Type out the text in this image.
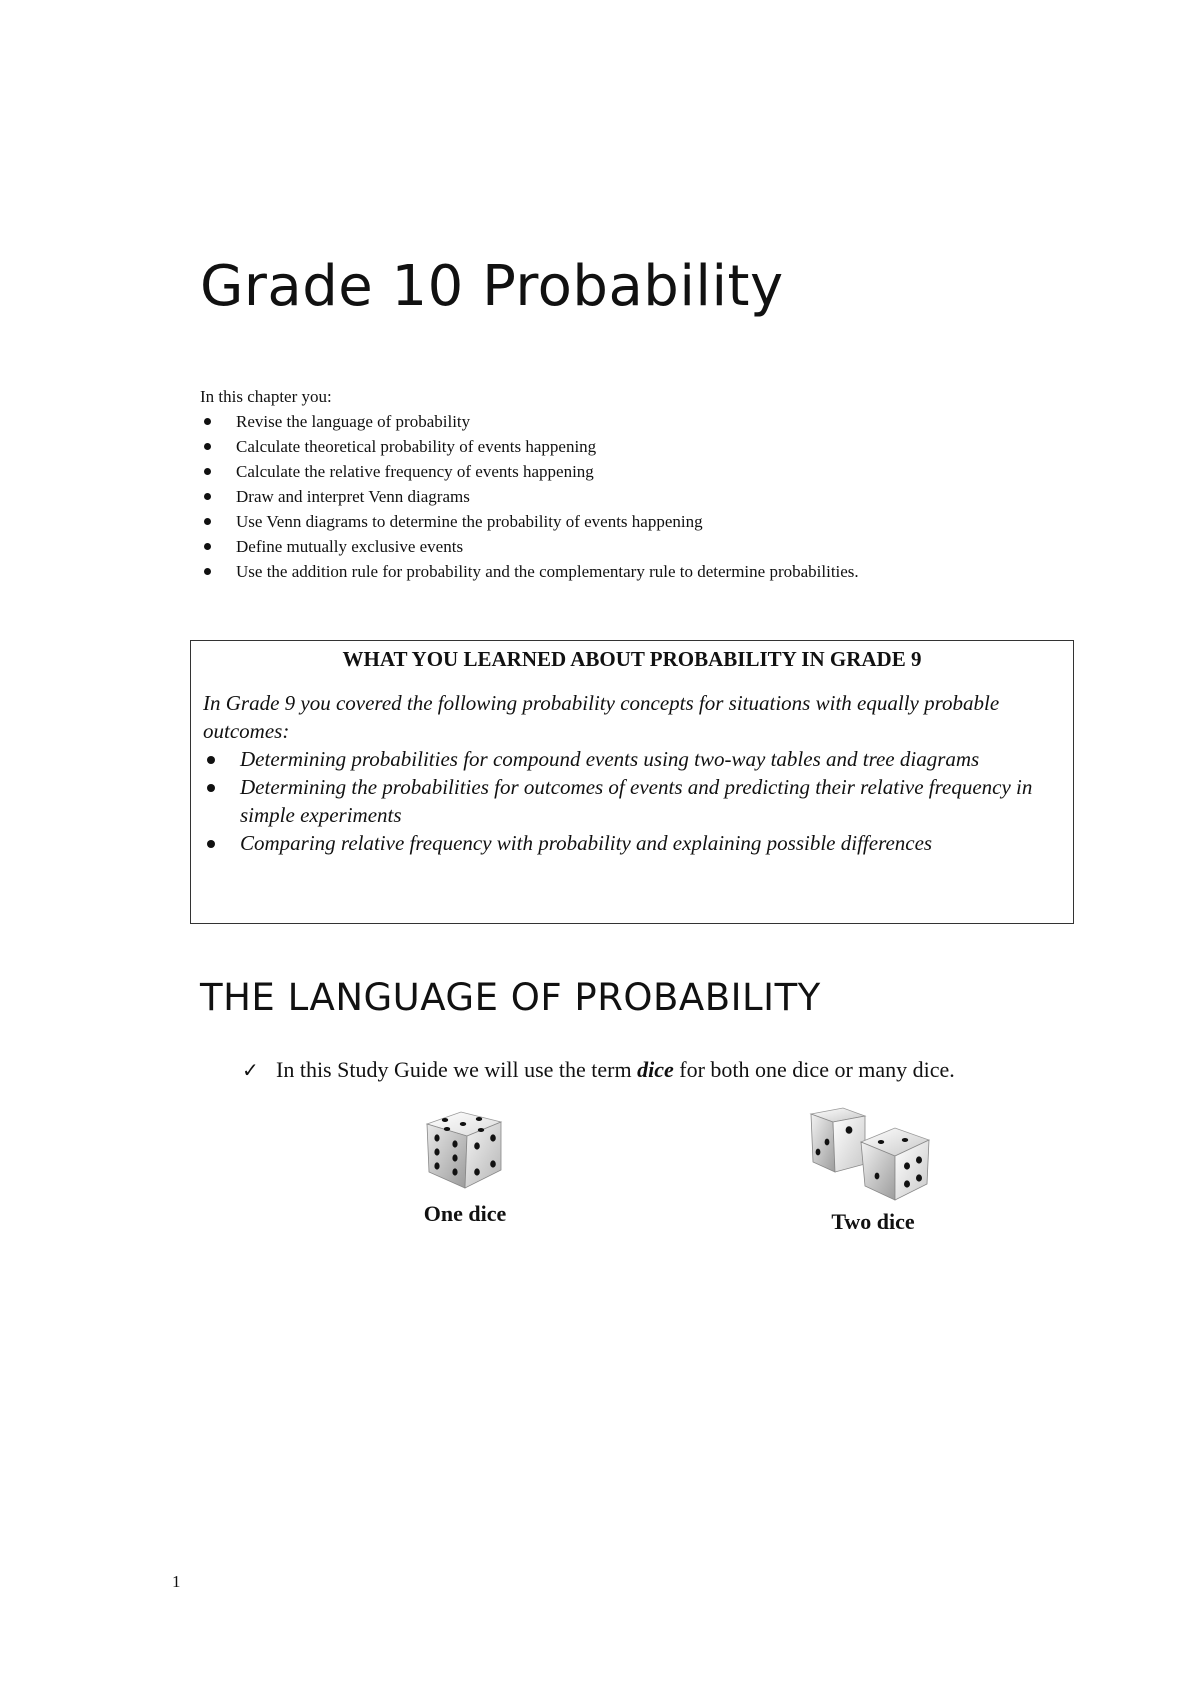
Grade 10 Probability

In this chapter you:

Revise the language of probability
Calculate theoretical probability of events happening
Calculate the relative frequency of events happening
Draw and interpret Venn diagrams
Use Venn diagrams to determine the probability of events happening
Define mutually exclusive events
Use the addition rule for probability and the complementary rule to determine probabilities.

WHAT YOU LEARNED ABOUT PROBABILITY IN GRADE 9

In Grade 9 you covered the following probability concepts for situations with equally probable outcomes:

Determining probabilities for compound events using two-way tables and tree diagrams
Determining the probabilities for outcomes of events and predicting their relative frequency in simple experiments
Comparing relative frequency with probability and explaining possible differences
THE LANGUAGE OF PROBABILITY
✓ In this Study Guide we will use the term dice for both one dice or many dice.
One dice	Two dice
1
